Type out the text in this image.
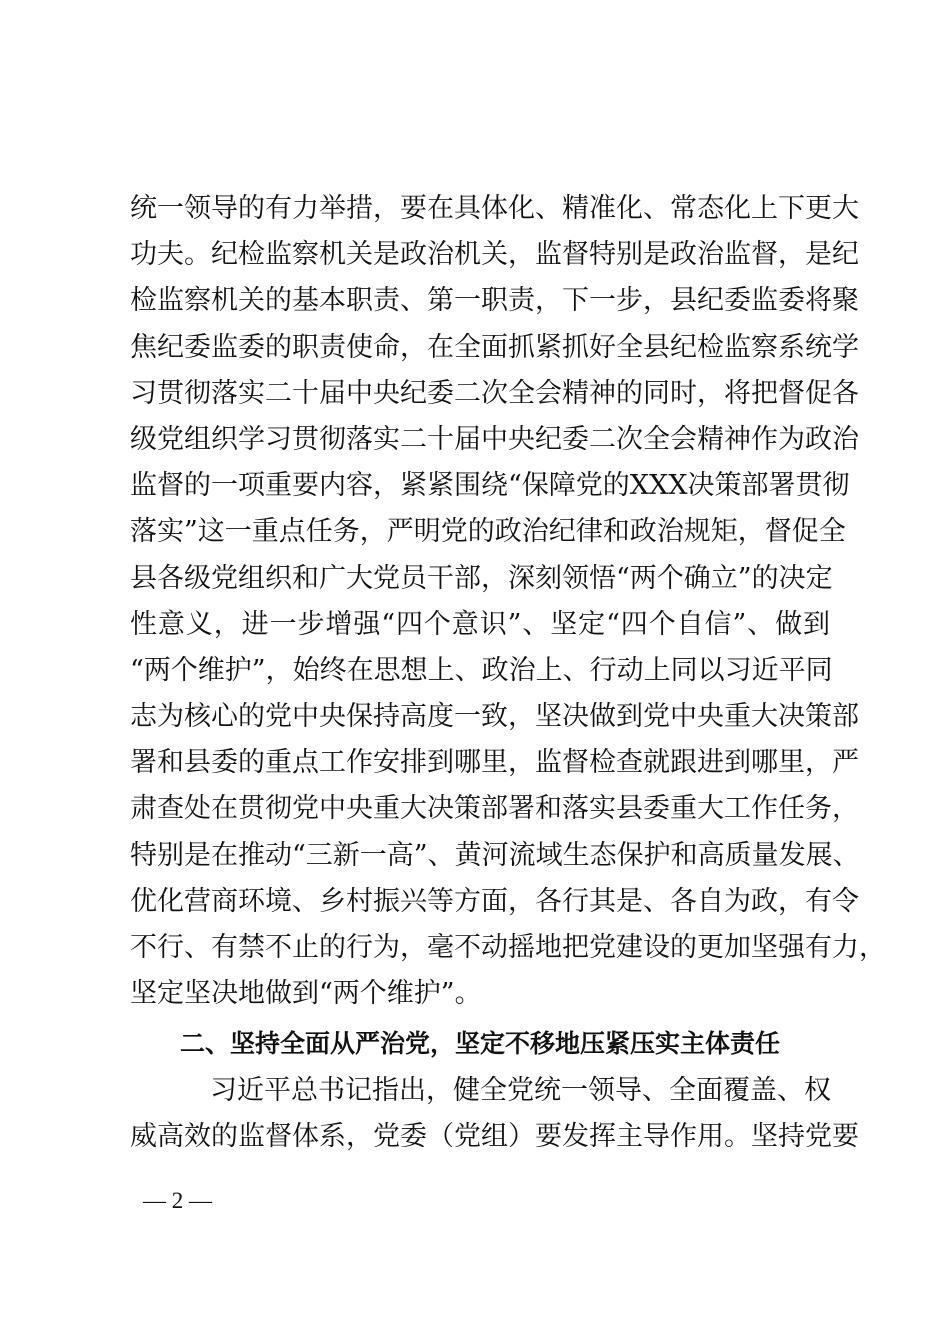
统一领导的有力举措，要在具体化、精准化、常态化上下更大
功夫。纪检监察机关是政治机关，监督特别是政治监督，是纪
检监察机关的基本职责、第一职责，下一步，县纪委监委将聚
焦纪委监委的职责使命，在全面抓紧抓好全县纪检监察系统学
习贯彻落实二十届中央纪委二次全会精神的同时，将把督促各
级党组织学习贯彻落实二十届中央纪委二次全会精神作为政治
监督的一项重要内容，紧紧围绕“保障党的XXX决策部署贯彻
落实”这一重点任务，严明党的政治纪律和政治规矩，督促全
县各级党组织和广大党员干部，深刻领悟“两个确立”的决定
性意义，进一步增强“四个意识”、坚定“四个自信”、做到
“两个维护”，始终在思想上、政治上、行动上同以习近平同
志为核心的党中央保持高度一致，坚决做到党中央重大决策部
署和县委的重点工作安排到哪里，监督检查就跟进到哪里，严
肃查处在贯彻党中央重大决策部署和落实县委重大工作任务，
特别是在推动“三新一高”、黄河流域生态保护和高质量发展、
优化营商环境、乡村振兴等方面，各行其是、各自为政，有令
不行、有禁不止的行为，毫不动摇地把党建设的更加坚强有力，
坚定坚决地做到“两个维护”。
二、坚持全面从严治党，坚定不移地压紧压实主体责任
习近平总书记指出，健全党统一领导、全面覆盖、权
威高效的监督体系，党委（党组）要发挥主导作用。坚持党要
— 2 —
